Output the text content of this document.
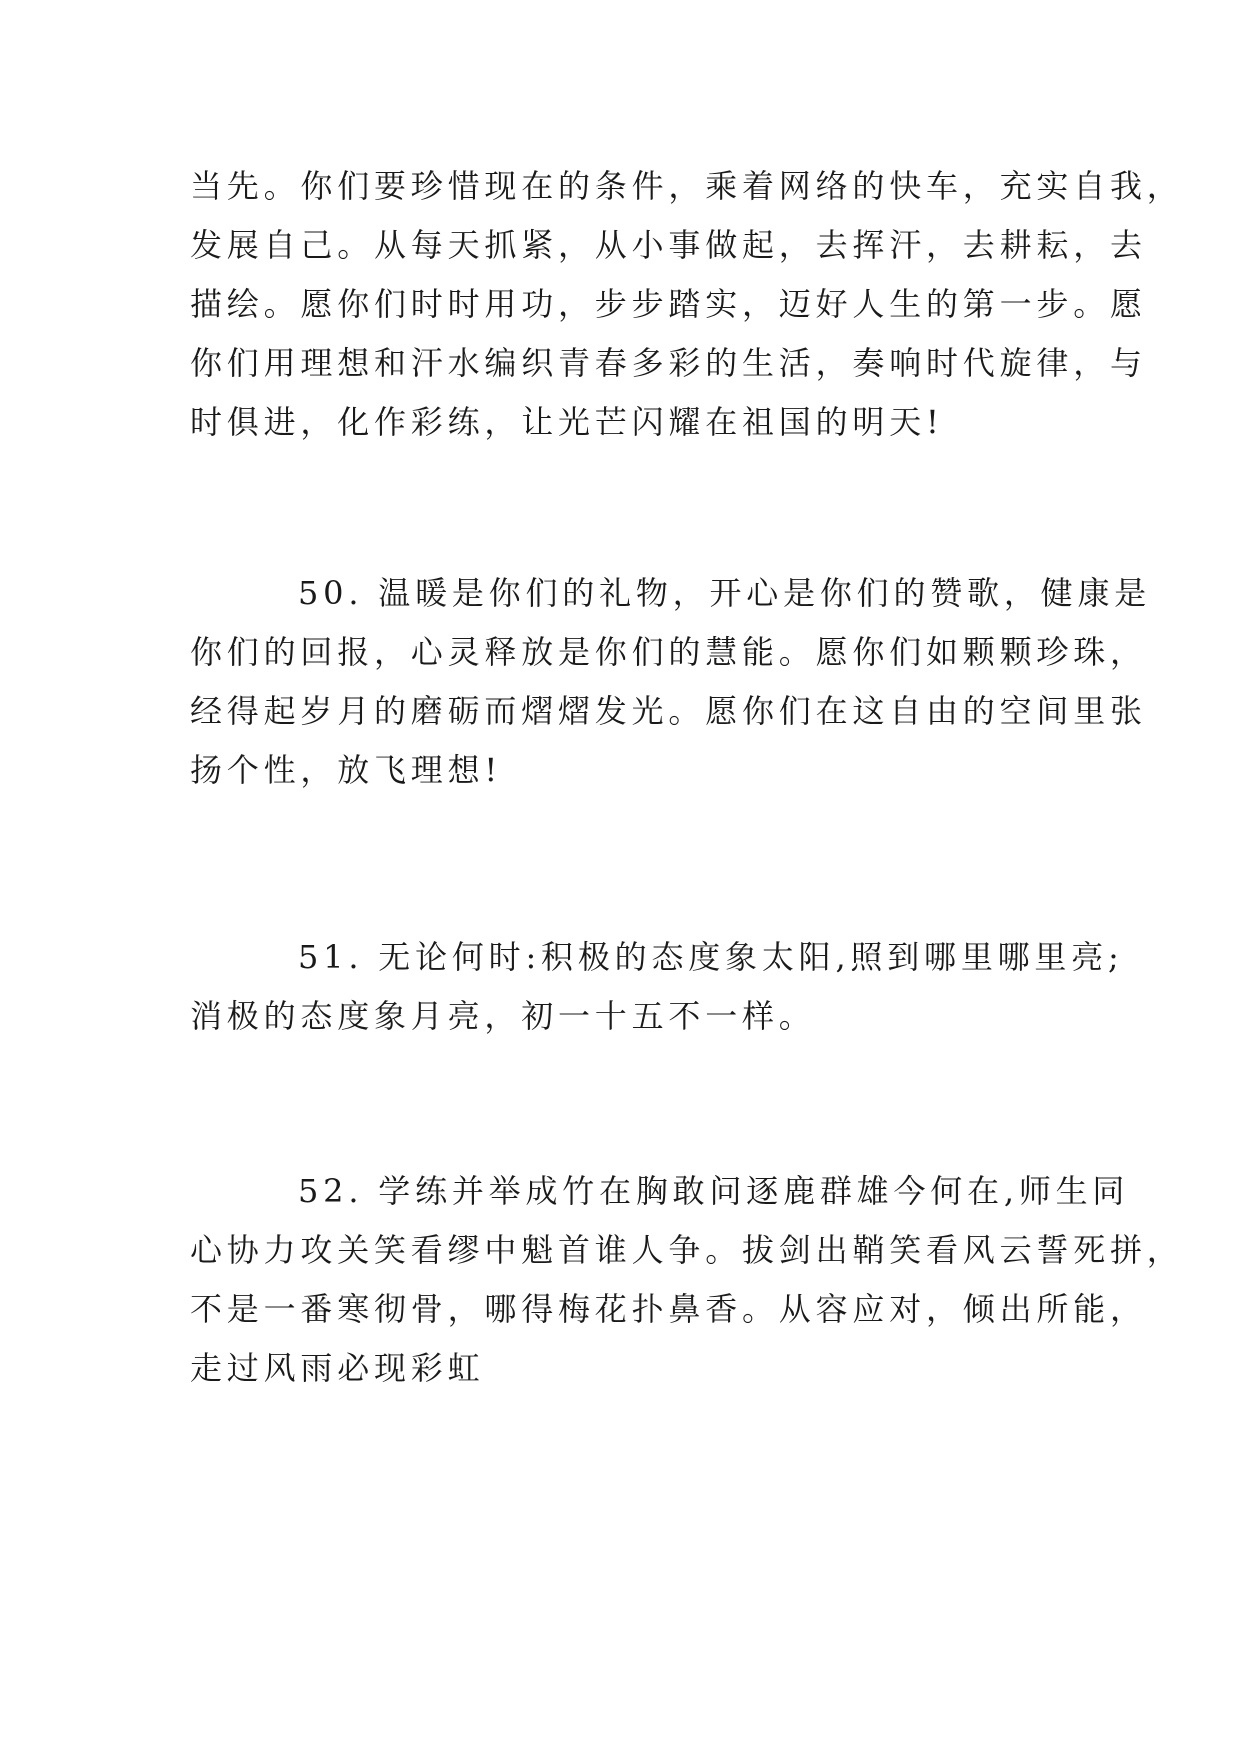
当先。你们要珍惜现在的条件，乘着网络的快车，充实自我，
发展自己。从每天抓紧，从小事做起，去挥汗，去耕耘，去
描绘。愿你们时时用功，步步踏实，迈好人生的第一步。愿
你们用理想和汗水编织青春多彩的生活，奏响时代旋律，与
时俱进，化作彩练，让光芒闪耀在祖国的明天!
50. 温暖是你们的礼物，开心是你们的赞歌，健康是
你们的回报，心灵释放是你们的慧能。愿你们如颗颗珍珠，
经得起岁月的磨砺而熠熠发光。愿你们在这自由的空间里张
扬个性，放飞理想!
51. 无论何时:积极的态度象太阳,照到哪里哪里亮;
消极的态度象月亮，初一十五不一样。
52. 学练并举成竹在胸敢问逐鹿群雄今何在,师生同
心协力攻关笑看缪中魁首谁人争。拔剑出鞘笑看风云誓死拼，
不是一番寒彻骨，哪得梅花扑鼻香。从容应对，倾出所能，
走过风雨必现彩虹
